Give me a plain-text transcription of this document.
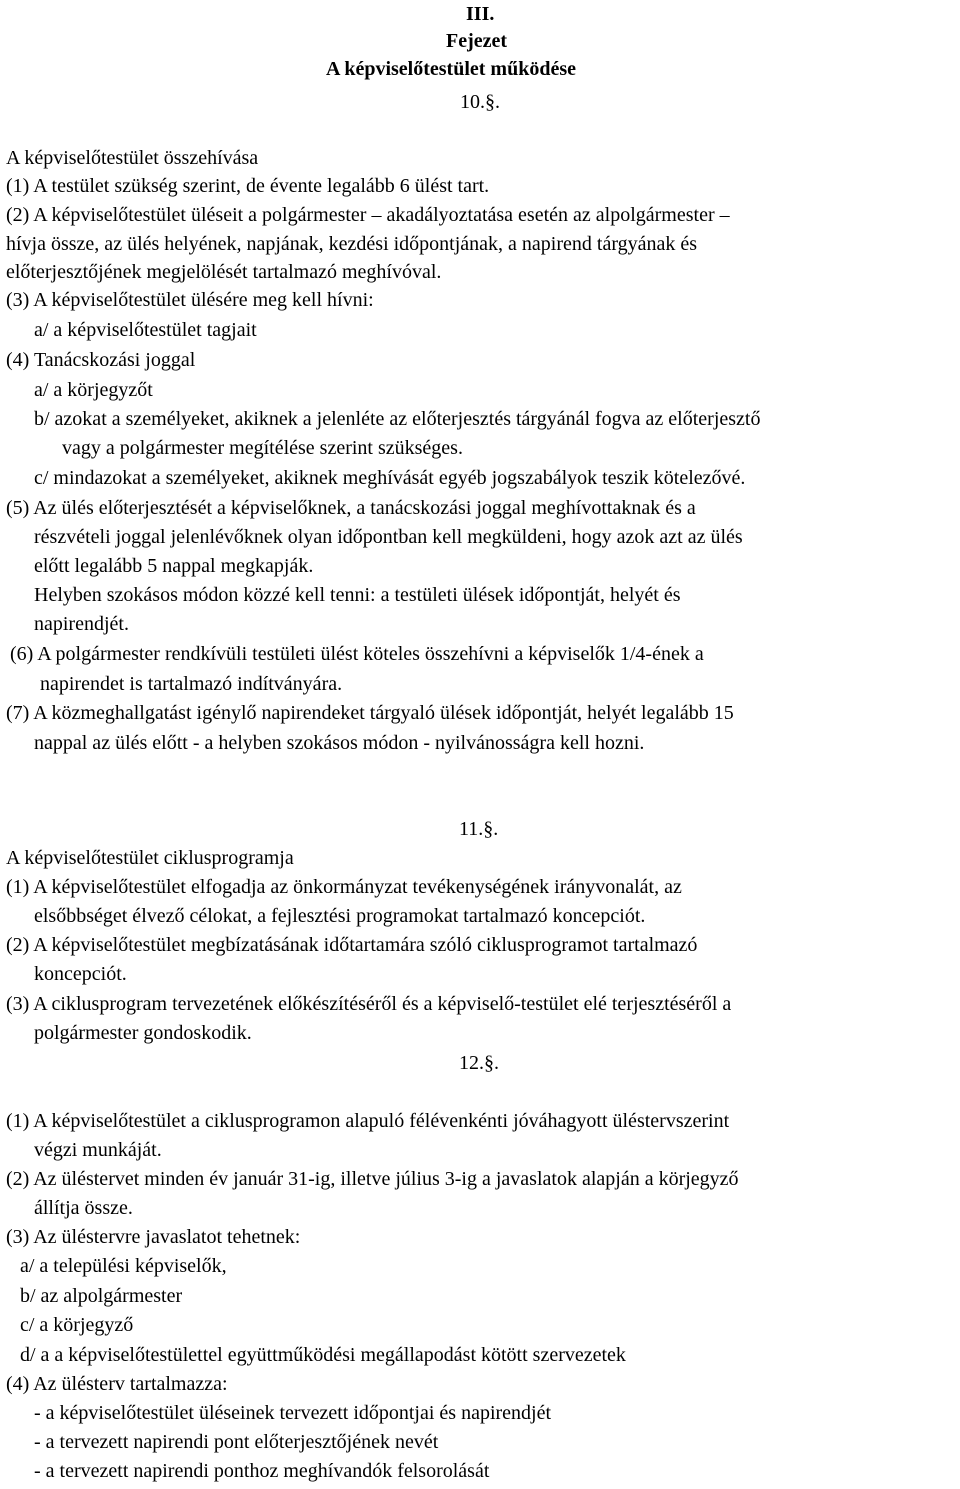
III.
Fejezet
A képviselőtestület működése
10.§.
A képviselőtestület összehívása
(1) A testület szükség szerint, de évente legalább 6 ülést tart.
(2) A képviselőtestület üléseit a polgármester – akadályoztatása esetén az alpolgármester –
hívja össze, az ülés helyének, napjának, kezdési időpontjának, a napirend tárgyának és
előterjesztőjének megjelölését tartalmazó meghívóval.
(3) A képviselőtestület ülésére meg kell hívni:
a/ a képviselőtestület tagjait
(4) Tanácskozási joggal
a/ a körjegyzőt
b/ azokat a személyeket, akiknek a jelenléte az előterjesztés tárgyánál fogva az előterjesztő
vagy a polgármester megítélése szerint szükséges.
c/ mindazokat a személyeket, akiknek meghívását egyéb jogszabályok teszik kötelezővé.
(5) Az ülés előterjesztését a képviselőknek, a tanácskozási joggal meghívottaknak és a
részvételi joggal jelenlévőknek olyan időpontban kell megküldeni, hogy azok azt az ülés
előtt legalább 5 nappal megkapják.
Helyben szokásos módon közzé kell tenni: a testületi ülések időpontját, helyét és
napirendjét.
(6) A polgármester rendkívüli testületi ülést köteles összehívni a képviselők 1/4-ének a
napirendet is tartalmazó indítványára.
(7) A közmeghallgatást igénylő napirendeket tárgyaló ülések időpontját, helyét legalább 15
nappal az ülés előtt - a helyben szokásos módon - nyilvánosságra kell hozni.
11.§.
A képviselőtestület ciklusprogramja
(1) A képviselőtestület elfogadja az önkormányzat tevékenységének irányvonalát, az
elsőbbséget élvező célokat, a fejlesztési programokat tartalmazó koncepciót.
(2) A képviselőtestület megbízatásának időtartamára szóló ciklusprogramot tartalmazó
koncepciót.
(3) A ciklusprogram tervezetének előkészítéséről és a képviselő-testület elé terjesztéséről a
polgármester gondoskodik.
12.§.
(1) A képviselőtestület a ciklusprogramon alapuló félévenkénti jóváhagyott üléstervszerint
végzi munkáját.
(2) Az üléstervet minden év január 31-ig, illetve július 3-ig a javaslatok alapján a körjegyző
állítja össze.
(3) Az üléstervre javaslatot tehetnek:
a/ a települési képviselők,
b/ az alpolgármester
c/ a körjegyző
d/ a a képviselőtestülettel együttműködési megállapodást kötött szervezetek
(4) Az ülésterv tartalmazza:
- a képviselőtestület üléseinek tervezett időpontjai és napirendjét
- a tervezett napirendi pont előterjesztőjének nevét
- a tervezett napirendi ponthoz meghívandók felsorolását
